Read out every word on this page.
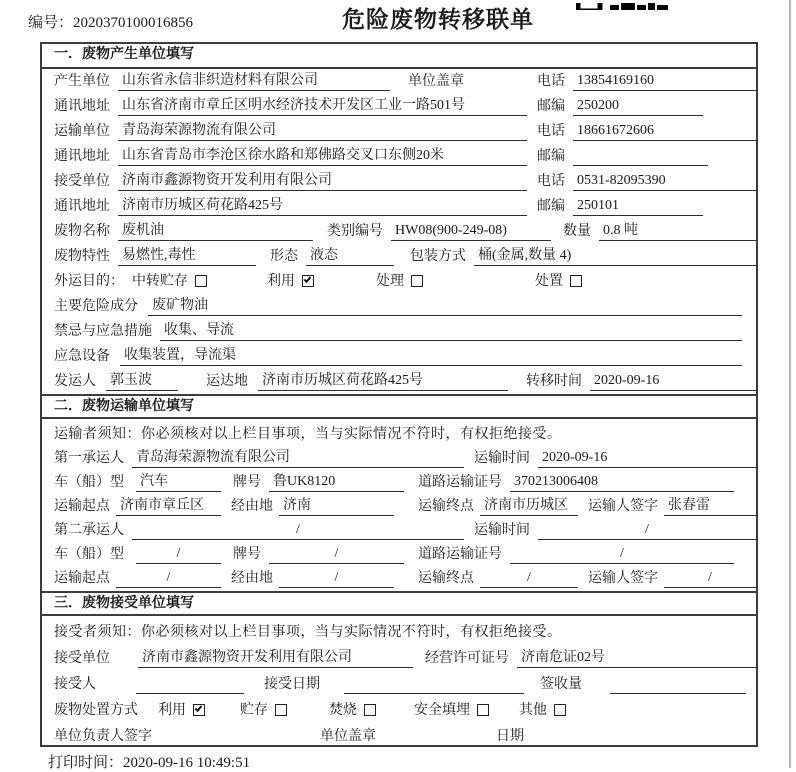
编号：2020370100016856	危险废物转移联单
一．废物产生单位填写
产生单位 山东省永信非织造材料有限公司	单位盖章	电话 13854169160
通讯地址 山东省济南市章丘区明水经济技术开发区工业一路501号	邮编 250200
运输单位 青岛海荣源物流有限公司	电话 18661672606
通讯地址 山东省青岛市李沧区徐水路和郑佛路交叉口东侧20米	邮编
接受单位 济南市鑫源物资开发利用有限公司	电话 0531-82095390
通讯地址 济南市历城区荷花路425号	邮编 250101
废物名称 废机油	类别编号 HW08(900-249-08)	数量 0.8 吨
废物特性 易燃性,毒性	形态 液态	包装方式 桶(金属,数量 4)
外运目的： 中转贮存	利用	处理	处置
主要危险成分 废矿物油
禁忌与应急措施 收集、导流
应急设备 收集装置，导流渠
发运人 郭玉波	运达地 济南市历城区荷花路425号	转移时间 2020-09-16
二．废物运输单位填写
运输者须知：你必须核对以上栏目事项，当与实际情况不符时，有权拒绝接受。
第一承运人 青岛海荣源物流有限公司	运输时间 2020-09-16
车（船）型 汽车	牌号 鲁UK8120	道路运输证号 370213006408
运输起点 济南市章丘区	经由地 济南	运输终点 济南市历城区	运输人签字 张春雷
第二承运人	/	运输时间	/
车（船）型	/	牌号	/	道路运输证号	/
运输起点	/	经由地	/	运输终点	/	运输人签字	/
三．废物接受单位填写
接受者须知：你必须核对以上栏目事项，当与实际情况不符时，有权拒绝接受。
接受单位 济南市鑫源物资开发利用有限公司	经营许可证号 济南危证02号
接受人	接受日期	签收量
废物处置方式 利用	贮存	焚烧	安全填埋	其他
单位负责人签字	单位盖章	日期
打印时间：2020-09-16 10:49:51
